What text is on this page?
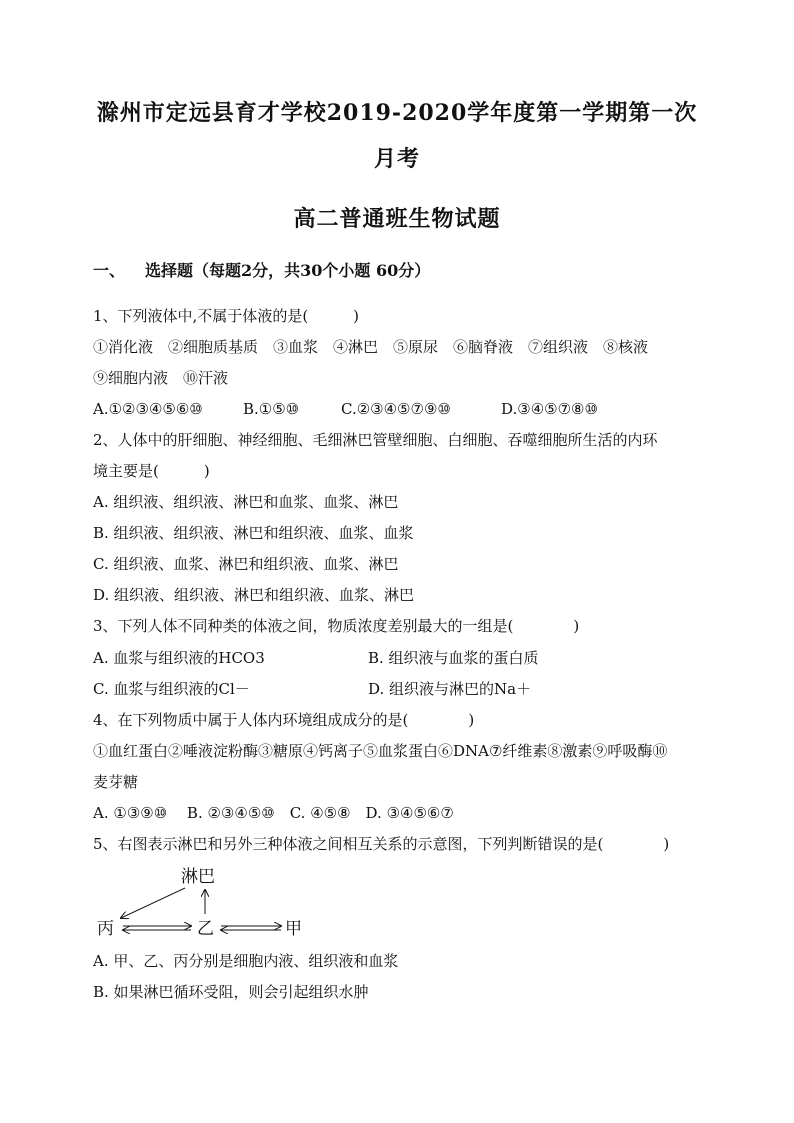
滁州市定远县育才学校2019-2020学年度第一学期第一次
月考
高二普通班生物试题
一、 选择题（每题2分，共30个小题 60分）
1、下列液体中,不属于体液的是(　　　)
①消化液　②细胞质基质　③血浆　④淋巴　⑤原尿　⑥脑脊液　⑦组织液　⑧核液
⑨细胞内液　⑩汗液
A.①②③④⑤⑥⑩	B.①⑤⑩	C.②③④⑤⑦⑨⑩	D.③④⑤⑦⑧⑩
2、人体中的肝细胞、神经细胞、毛细淋巴管壁细胞、白细胞、吞噬细胞所生活的内环
境主要是(　　　)
A. 组织液、组织液、淋巴和血浆、血浆、淋巴
B. 组织液、组织液、淋巴和组织液、血浆、血浆
C. 组织液、血浆、淋巴和组织液、血浆、淋巴
D. 组织液、组织液、淋巴和组织液、血浆、淋巴
3、下列人体不同种类的体液之间，物质浓度差别最大的一组是(　　　　)
A. 血浆与组织液的HCO3	B. 组织液与血浆的蛋白质
C. 血浆与组织液的Cl－	D. 组织液与淋巴的Na＋
4、在下列物质中属于人体内环境组成成分的是(　　　　)
①血红蛋白②唾液淀粉酶③糖原④钙离子⑤血浆蛋白⑥DNA⑦纤维素⑧激素⑨呼吸酶⑩
麦芽糖
A. ①③⑨⑩　 B. ②③④⑤⑩　C. ④⑤⑧　D. ③④⑤⑥⑦
5、右图表示淋巴和另外三种体液之间相互关系的示意图，下列判断错误的是(　　　　)
淋巴
丙	乙	甲
A. 甲、乙、丙分别是细胞内液、组织液和血浆
B. 如果淋巴循环受阻，则会引起组织水肿
